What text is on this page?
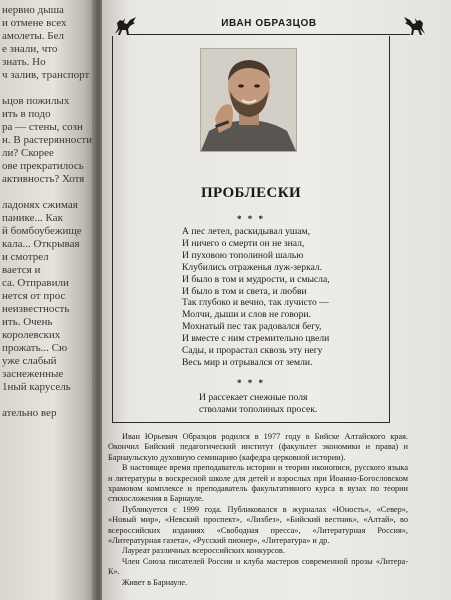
нервно дыша
и отмене всех
амолеты. Бел
е знали, что
знать. Но
ч залив, транспорт
ьцов пожилых
ить в подо
ра — стены, созн
н. В растерянности
ли? Скорее
ове прекратилось
активность? Хотя
ладонях сжимая
панике... Как
й бомбоубежище
кала... Открывая
и смотрел
вается и
са. Отправили
нется от прос
неизвестность
ить. Очень
королевских
прожать... Сю
уже слабый
заснеженные
1ный карусель
ательно вер
ИВАН ОБРАЗЦОВ
ПРОБЛЕСКИ
* * *
А пес летел, раскидывал ушам,
И ничего о смерти он не знал,
И пуховою тополиной шалью
Клубились отраженья луж-зеркал.
И было в том и мудрости, и смысла,
И было в том и света, и любви
Так глубоко и вечно, так лучисто —
Молчи, дыши и слов не говори.
Мохнатый пес так радовался бегу,
И вместе с ним стремительно цвели
Сады, и прорастал сквозь эту негу
Весь мир и отрывался от земли.
* * *
И рассекает снежные поля
стволами тополиных просек.

Иван Юрьевич Образцов родился в 1977 году в Бийске Алтайского края. Окончил Бийский педагогический институт (факультет экономики и права) и Барнаульскую духовную семинарию (кафедра церковной истории).

В настоящее время преподаватель истории и теории иконописи, русского языка и литературы в воскресной школе для детей и взрослых при Иоанно-Богословском храмовом комплексе и преподаватель факультативного курса в вузах по теории стихосложения в Барнауле.

Публикуется с 1999 года. Публиковался в журналах «Юность», «Север», «Новый мир», «Невский проспект», «Лихбез», «Бийский вестник», «Алтай», во всероссийских изданиях «Свободная пресса», «Литературная Россия», «Литературная газета», «Русский пионер», «Литература» и др.

Лауреат различных всероссийских конкурсов.

Член Союза писателей России и клуба мастеров современной прозы «Литера-К».

Живет в Барнауле.
